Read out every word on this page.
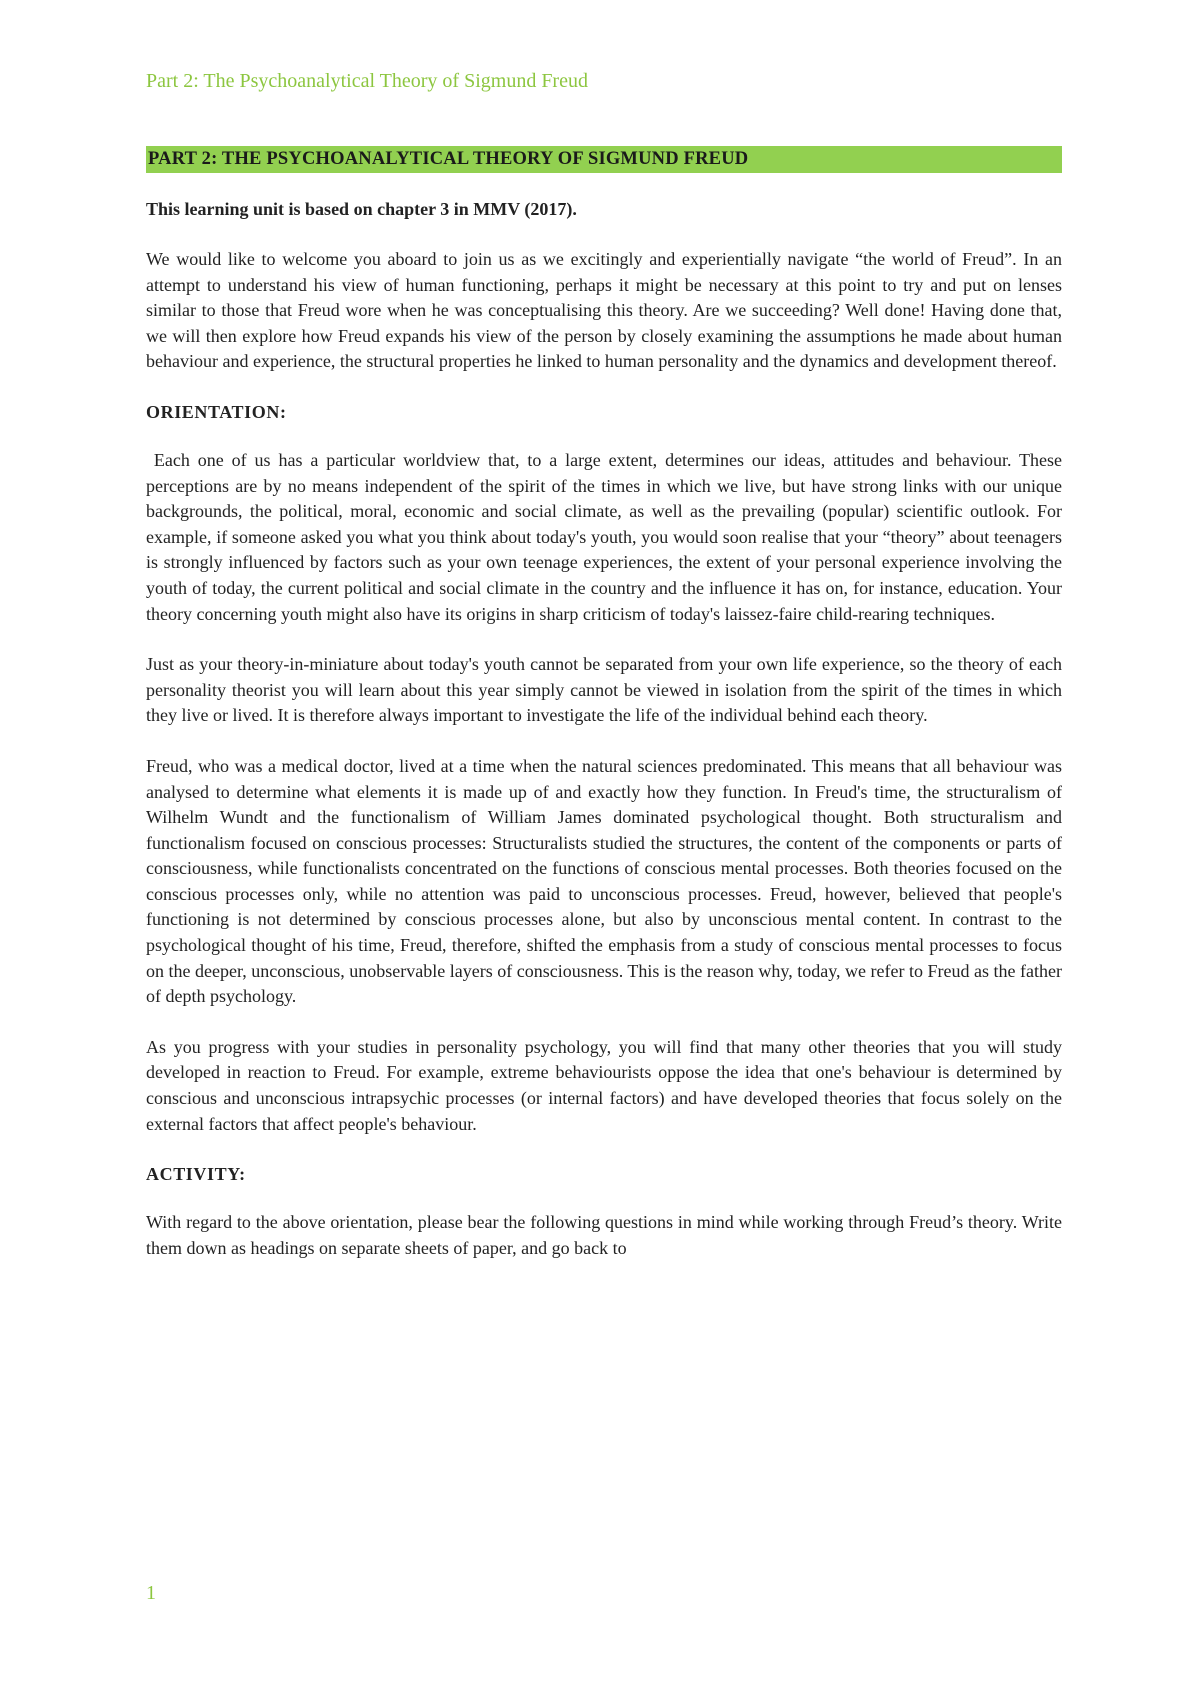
Part 2: The Psychoanalytical Theory of Sigmund Freud
PART 2: THE PSYCHOANALYTICAL THEORY OF SIGMUND FREUD
This learning unit is based on chapter 3 in MMV (2017).

We would like to welcome you aboard to join us as we excitingly and experientially navigate “the world of Freud”. In an attempt to understand his view of human functioning, perhaps it might be necessary at this point to try and put on lenses similar to those that Freud wore when he was conceptualising this theory. Are we succeeding? Well done! Having done that, we will then explore how Freud expands his view of the person by closely examining the assumptions he made about human behaviour and experience, the structural properties he linked to human personality and the dynamics and development thereof.

ORIENTATION:

Each one of us has a particular worldview that, to a large extent, determines our ideas, attitudes and behaviour. These perceptions are by no means independent of the spirit of the times in which we live, but have strong links with our unique backgrounds, the political, moral, economic and social climate, as well as the prevailing (popular) scientific outlook. For example, if someone asked you what you think about today's youth, you would soon realise that your “theory” about teenagers is strongly influenced by factors such as your own teenage experiences, the extent of your personal experience involving the youth of today, the current political and social climate in the country and the influence it has on, for instance, education. Your theory concerning youth might also have its origins in sharp criticism of today's laissez-faire child-rearing techniques.

Just as your theory-in-miniature about today's youth cannot be separated from your own life experience, so the theory of each personality theorist you will learn about this year simply cannot be viewed in isolation from the spirit of the times in which they live or lived. It is therefore always important to investigate the life of the individual behind each theory.

Freud, who was a medical doctor, lived at a time when the natural sciences predominated. This means that all behaviour was analysed to determine what elements it is made up of and exactly how they function. In Freud's time, the structuralism of Wilhelm Wundt and the functionalism of William James dominated psychological thought. Both structuralism and functionalism focused on conscious processes: Structuralists studied the structures, the content of the components or parts of consciousness, while functionalists concentrated on the functions of conscious mental processes. Both theories focused on the conscious processes only, while no attention was paid to unconscious processes. Freud, however, believed that people's functioning is not determined by conscious processes alone, but also by unconscious mental content. In contrast to the psychological thought of his time, Freud, therefore, shifted the emphasis from a study of conscious mental processes to focus on the deeper, unconscious, unobservable layers of consciousness. This is the reason why, today, we refer to Freud as the father of depth psychology.

As you progress with your studies in personality psychology, you will find that many other theories that you will study developed in reaction to Freud. For example, extreme behaviourists oppose the idea that one's behaviour is determined by conscious and unconscious intrapsychic processes (or internal factors) and have developed theories that focus solely on the external factors that affect people's behaviour.

ACTIVITY:

With regard to the above orientation, please bear the following questions in mind while working through Freud’s theory. Write them down as headings on separate sheets of paper, and go back to

1
